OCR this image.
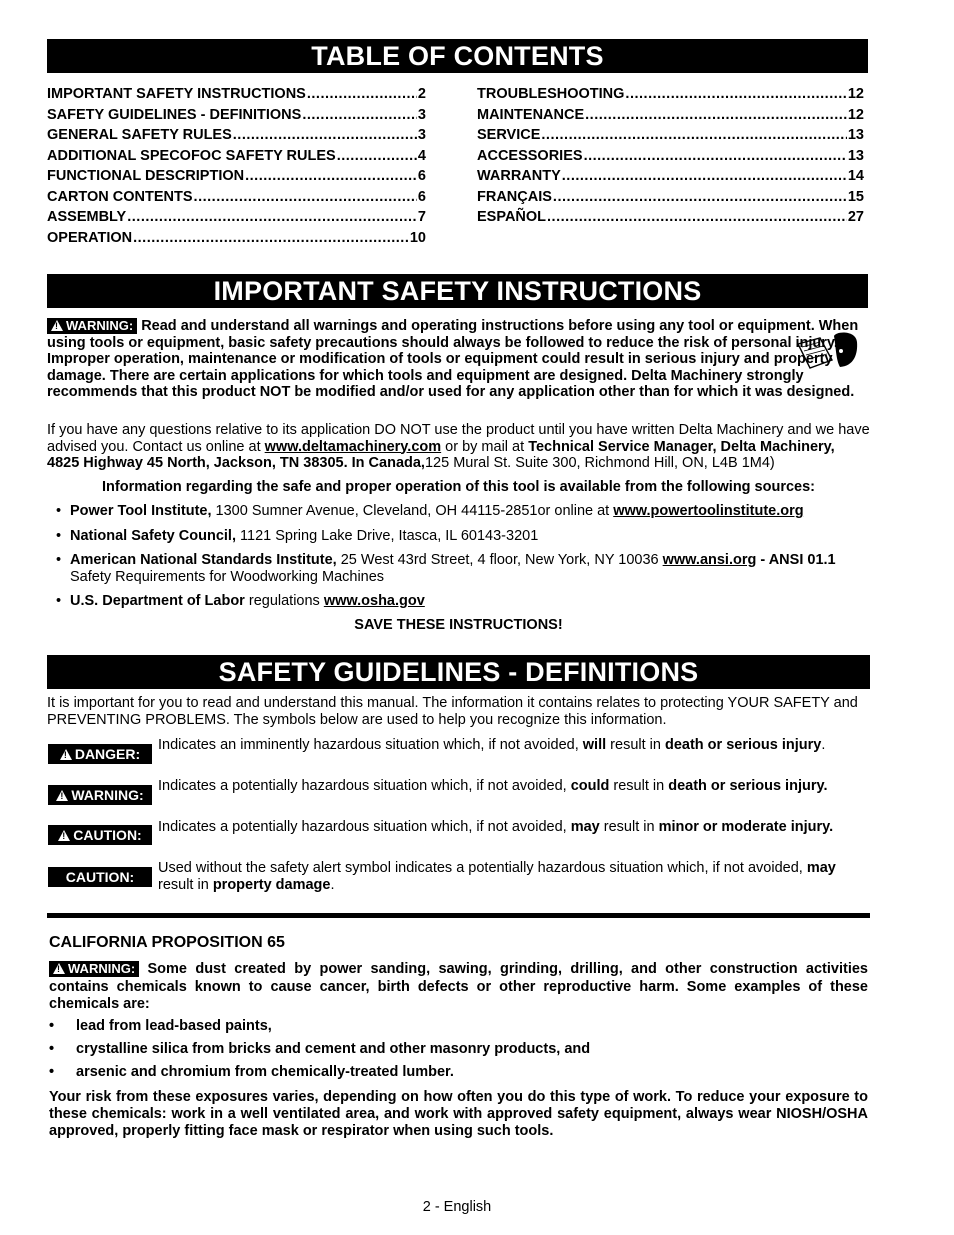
TABLE OF CONTENTS
IMPORTANT SAFETY INSTRUCTIONS .....	2
SAFETY GUIDELINES - DEFINITIONS .....	3
GENERAL SAFETY RULES .....	3
ADDITIONAL SPECOFOC SAFETY RULES .....	4
FUNCTIONAL DESCRIPTION .....	6
CARTON CONTENTS .....	6
ASSEMBLY .....	7
OPERATION .....	10
TROUBLESHOOTING .....	12
MAINTENANCE .....	12
SERVICE .....	13
ACCESSORIES .....	13
WARRANTY .....	14
FRANÇAIS .....	15
ESPAÑOL .....	27
IMPORTANT SAFETY INSTRUCTIONS
!WARNING: Read and understand all warnings and operating instructions before using any tool or equipment. When using tools or equipment, basic safety precautions should always be followed to reduce the risk of personal injury. Improper operation, maintenance or modification of tools or equipment could result in serious injury and property damage. There are certain applications for which tools and equipment are designed. Delta Machinery strongly recommends that this product NOT be modified and/or used for any application other than for which it was designed.
If you have any questions relative to its application DO NOT use the product until you have written Delta Machinery and we have advised you. Contact us online at www.deltamachinery.com or by mail at Technical Service Manager, Delta Machinery, 4825 Highway 45 North, Jackson, TN 38305. In Canada,125 Mural St. Suite 300, Richmond Hill, ON, L4B 1M4)
Information regarding the safe and proper operation of this tool is available from the following sources:
• Power Tool Institute, 1300 Sumner Avenue, Cleveland, OH 44115-2851or online at www.powertoolinstitute.org
• National Safety Council, 1121 Spring Lake Drive, Itasca, IL 60143-3201
• American National Standards Institute, 25 West 43rd Street, 4 floor, New York, NY 10036 www.ansi.org - ANSI 01.1
Safety Requirements for Woodworking Machines
• U.S. Department of Labor regulations www.osha.gov
SAVE THESE INSTRUCTIONS!
SAFETY GUIDELINES - DEFINITIONS
It is important for you to read and understand this manual. The information it contains relates to protecting YOUR SAFETY and PREVENTING PROBLEMS. The symbols below are used to help you recognize this information.
!DANGER:
Indicates an imminently hazardous situation which, if not avoided, will result in death or serious injury.
!WARNING:
Indicates a potentially hazardous situation which, if not avoided, could result in death or serious injury.
!CAUTION:	Indicates a potentially hazardous situation which, if not avoided, may result in minor or moderate injury.
CAUTION:
Used without the safety alert symbol indicates a potentially hazardous situation which, if not avoided, may result in property damage.
CALIFORNIA PROPOSITION 65
!WARNING: Some dust created by power sanding, sawing, grinding, drilling, and other construction activities contains chemicals known to cause cancer, birth defects or other reproductive harm. Some examples of these chemicals are:
•	lead from lead-based paints,
•	crystalline silica from bricks and cement and other masonry products, and
•	arsenic and chromium from chemically-treated lumber.
Your risk from these exposures varies, depending on how often you do this type of work. To reduce your exposure to these chemicals: work in a well ventilated area, and work with approved safety equipment, always wear NIOSH/OSHA approved, properly fitting face mask or respirator when using such tools.
2 - English
